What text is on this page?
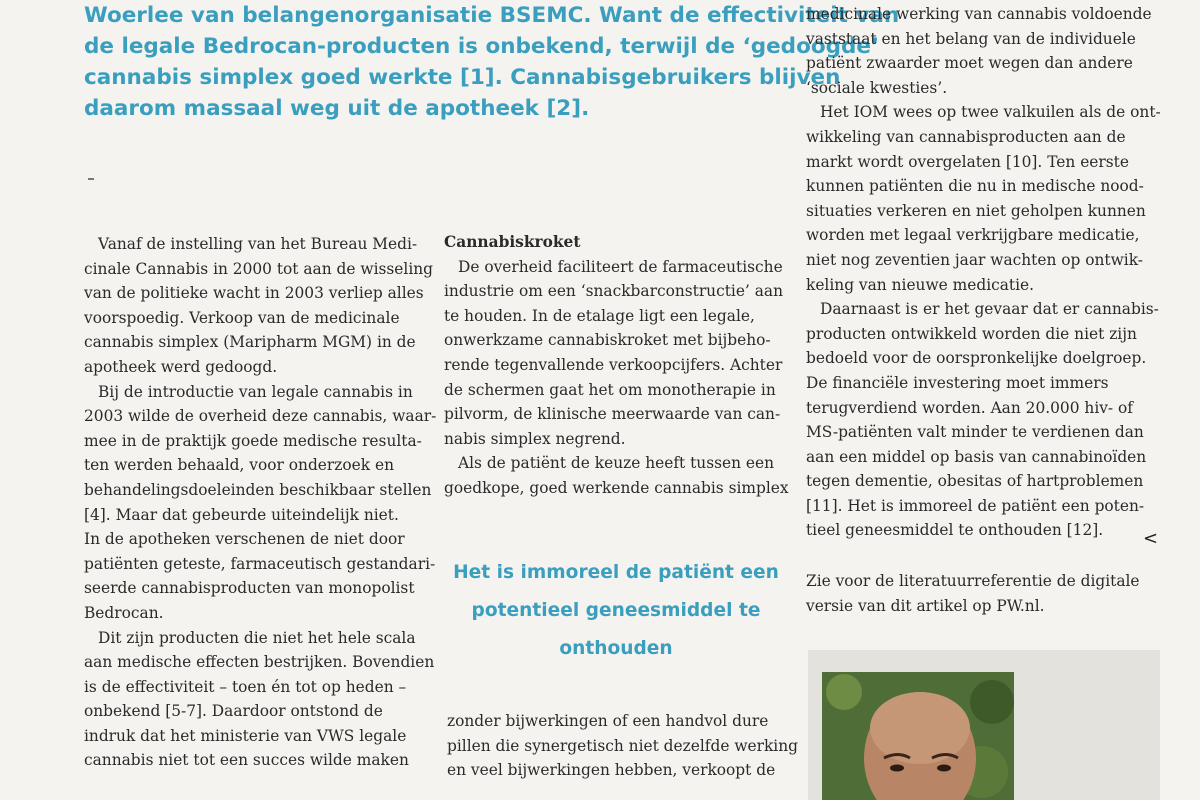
Woerlee van belangenorganisatie BSEMC. Want de effectiviteit van
de legale Bedrocan-producten is onbekend, terwijl de ‘gedoogde’
cannabis simplex goed werkte [1]. Cannabisgebruikers blijven
daarom massaal weg uit de apotheek [2].
Vanaf de instelling van het Bureau Medi-
cinale Cannabis in 2000 tot aan de wisseling
van de politieke wacht in 2003 verliep alles
voorspoedig. Verkoop van de medicinale
cannabis simplex (Maripharm MGM) in de
apotheek werd gedoogd.
Bij de introductie van legale cannabis in
2003 wilde de overheid deze cannabis, waar-
mee in de praktijk goede medische resulta-
ten werden behaald, voor onderzoek en
behandelingsdoeleinden beschikbaar stellen
[4]. Maar dat gebeurde uiteindelijk niet.
In de apotheken verschenen de niet door
patiënten geteste, farmaceutisch gestandari-
seerde cannabisproducten van monopolist
Bedrocan.
Dit zijn producten die niet het hele scala
aan medische effecten bestrijken. Bovendien
is de effectiviteit – toen én tot op heden –
onbekend [5-7]. Daardoor ontstond de
indruk dat het ministerie van VWS legale
cannabis niet tot een succes wilde maken
Cannabiskroket
De overheid faciliteert de farmaceutische
industrie om een ‘snackbarconstructie’ aan
te houden. In de etalage ligt een legale,
onwerkzame cannabiskroket met bijbeho-
rende tegenvallende verkoopcijfers. Achter
de schermen gaat het om monotherapie in
pilvorm, de klinische meerwaarde van can-
nabis simplex negrend.
Als de patiënt de keuze heeft tussen een
goedkope, goed werkende cannabis simplex
Het is immoreel de patiënt een
potentieel geneesmiddel te
onthouden
zonder bijwerkingen of een handvol dure
pillen die synergetisch niet dezelfde werking
en veel bijwerkingen hebben, verkoopt de
medicinale werking van cannabis voldoende
vaststaat en het belang van de individuele
patiënt zwaarder moet wegen dan andere
‘sociale kwesties’.
Het IOM wees op twee valkuilen als de ont-
wikkeling van cannabisproducten aan de
markt wordt overgelaten [10]. Ten eerste
kunnen patiënten die nu in medische nood-
situaties verkeren en niet geholpen kunnen
worden met legaal verkrijgbare medicatie,
niet nog zeventien jaar wachten op ontwik-
keling van nieuwe medicatie.
Daarnaast is er het gevaar dat er cannabis-
producten ontwikkeld worden die niet zijn
bedoeld voor de oorspronkelijke doelgroep.
De financiële investering moet immers
terugverdiend worden. Aan 20.000 hiv- of
MS-patiënten valt minder te verdienen dan
aan een middel op basis van cannabinoïden
tegen dementie, obesitas of hartproblemen
[11]. Het is immoreel de patiënt een poten-
tieel geneesmiddel te onthouden [12].
Zie voor de literatuurreferentie de digitale
versie van dit artikel op PW.nl.
<
